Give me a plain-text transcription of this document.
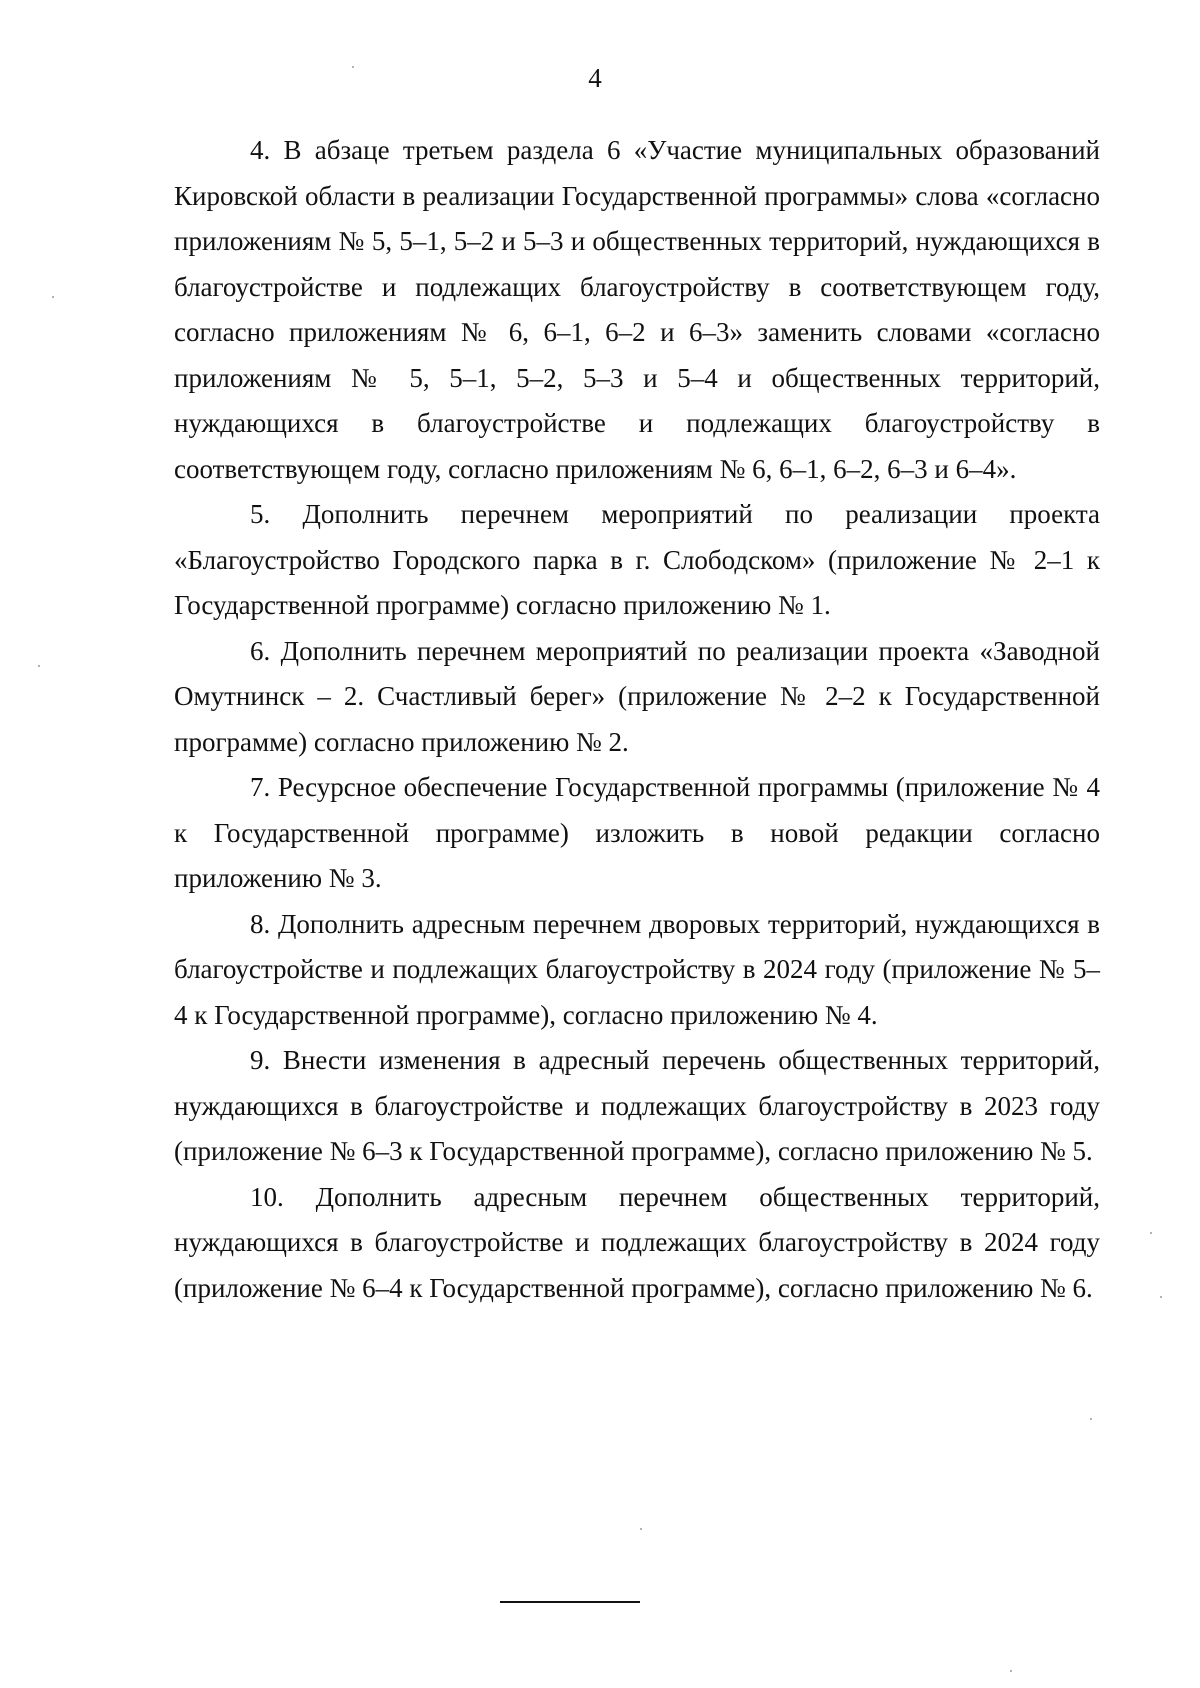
4

4. В абзаце третьем раздела 6 «Участие муниципальных образований Кировской области в реализации Государственной программы» слова «согласно приложениям № 5, 5–1, 5–2 и 5–3 и общественных территорий, нуждающихся в благоустройстве и подлежащих благоустройству в соответствующем году, согласно приложениям № 6, 6–1, 6–2 и 6–3» заменить словами «согласно приложениям № 5, 5–1, 5–2, 5–3 и 5–4 и общественных территорий, нуждающихся в благоустройстве и подлежащих благоустройству в соответствующем году, согласно приложениям № 6, 6–1, 6–2, 6–3 и 6–4».

5. Дополнить перечнем мероприятий по реализации проекта «Благоустройство Городского парка в г. Слободском» (приложение № 2–1 к Государственной программе) согласно приложению № 1.

6. Дополнить перечнем мероприятий по реализации проекта «Заводной Омутнинск – 2. Счастливый берег» (приложение № 2–2 к Государственной программе) согласно приложению № 2.

7. Ресурсное обеспечение Государственной программы (приложение № 4 к Государственной программе) изложить в новой редакции согласно приложению № 3.

8. Дополнить адресным перечнем дворовых территорий, нуждающихся в благоустройстве и подлежащих благоустройству в 2024 году (приложение № 5–4 к Государственной программе), согласно приложению № 4.

9. Внести изменения в адресный перечень общественных территорий, нуждающихся в благоустройстве и подлежащих благоустройству в 2023 году (приложение № 6–3 к Государственной программе), согласно приложению № 5.

10. Дополнить адресным перечнем общественных территорий, нуждающихся в благоустройстве и подлежащих благоустройству в 2024 году (приложение № 6–4 к Государственной программе), согласно приложению № 6.
